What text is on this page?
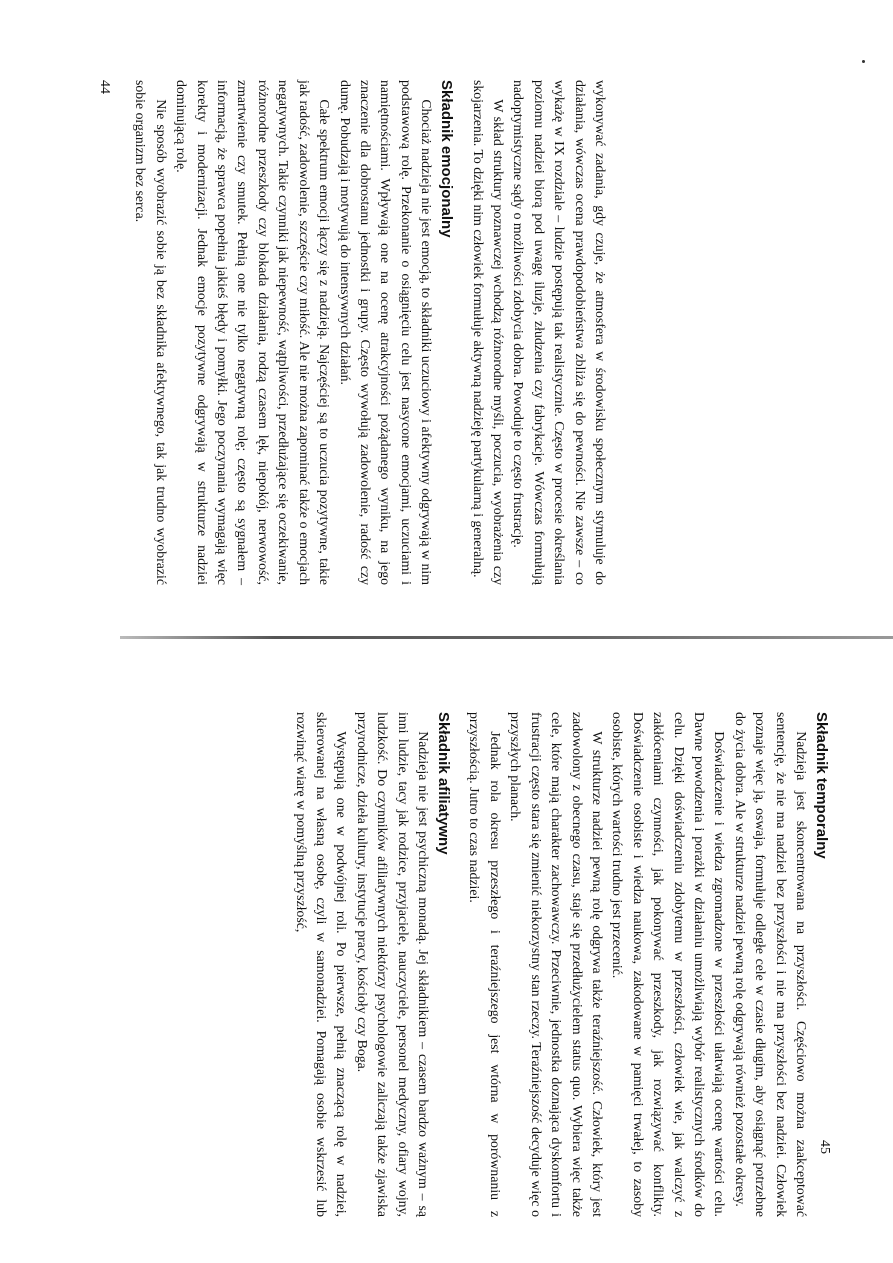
wykonywać zadania, gdy czuje, że atmosfera w środowisku społecznym stymuluje do działania, wówczas ocena prawdopodobieństwa zbliża się do pewności. Nie zawsze – co wykażę w IX rozdziale – ludzie postępują tak realistycznie. Często w procesie określania poziomu nadziei biorą pod uwagę iluzje, złudzenia czy fabrykacje. Wówczas formułują nadoptymistyczne sądy o możliwości zdobycia dobra. Powoduje to często frustrację.

W skład struktury poznawczej wchodzą różnorodne myśli, poczucia, wyobrażenia czy skojarzenia. To dzięki nim człowiek formułuje aktywną nadzieję partykularną i generalną.

Składnik emocjonalny

Chociaż nadzieja nie jest emocją, to składniki uczuciowy i afektywny odgrywają w nim podstawową rolę. Przekonanie o osiągnięciu celu jest nasycone emocjami, uczuciami i namiętnościami. Wpływają one na ocenę atrakcyjności pożądanego wyniku, na jego znaczenie dla dobrostanu jednostki i grupy. Często wywołują zadowolenie, radość czy dumę. Pobudzają i motywują do intensywnych działań.

Całe spektrum emocji łączy się z nadzieją. Najczęściej są to uczucia pozytywne, takie jak radość, zadowolenie, szczęście czy miłość. Ale nie można zapominać także o emocjach negatywnych. Takie czynniki jak niepewność, wątpliwości, przedłużające się oczekiwanie, różnorodne przeszkody czy blokada działania, rodzą czasem lęk, niepokój, nerwowość, zmartwienie czy smutek. Pełnią one nie tylko negatywną rolę; często są sygnałem – informacją, że sprawca popełnia jakieś błędy i pomyłki. Jego poczynania wymagają więc korekty i modernizacji. Jednak emocje pozytywne odgrywają w strukturze nadziei dominującą rolę.

Nie sposób wyobrazić sobie ją bez składnika afektywnego, tak jak trudno wyobrazić sobie organizm bez serca.

44
Składnik temporalny

Nadzieja jest skoncentrowana na przyszłości. Częściowo można zaakceptować sentencję, że nie ma nadziei bez przyszłości i nie ma przyszłości bez nadziei. Człowiek poznaje więc ją, oswaja, formułuje odległe cele w czasie długim, aby osiągnąć potrzebne do życia dobra. Ale w strukturze nadziei pewną rolę odgrywają również pozostałe okresy.

Doświadczenie i wiedza zgromadzone w przeszłości ułatwiają ocenę wartości celu. Dawne powodzenia i porażki w działaniu umożliwiają wybór realistycznych środków do celu. Dzięki doświadczeniu zdobytemu w przeszłości, człowiek wie, jak walczyć z zakłóceniami czynności, jak pokonywać przeszkody, jak rozwiązywać konflikty. Doświadczenie osobiste i wiedza naukowa, zakodowane w pamięci trwałej, to zasoby osobiste, których wartości trudno jest przecenić.

W strukturze nadziei pewną rolę odgrywa także teraźniejszość. Człowiek, który jest zadowolony z obecnego czasu, staje się przedłużycielem status quo. Wybiera więc także cele, które mają charakter zachowawczy. Przeciwnie, jednostka doznająca dyskomfortu i frustracji często stara się zmienić niekorzystny stan rzeczy. Teraźniejszość decyduje więc o przyszłych planach.

Jednak rola okresu przeszłego i teraźniejszego jest wtórna w porównaniu z przyszłością. Jutro to czas nadziei.

Składnik afiliatywny

Nadzieja nie jest psychiczną monadą. Jej składnikiem – czasem bardzo ważnym – są inni ludzie, tacy jak rodzice, przyjaciele, nauczyciele, personel medyczny, ofiary wojny, ludzkość. Do czynników afiliatywnych niektórzy psychologowie zaliczają także zjawiska przyrodnicze, dzieła kultury, instytucje pracy, kościoły czy Boga.

Występują one w podwójnej roli. Po pierwsze, pełnią znaczącą rolę w nadziei, skierowanej na własną osobę, czyli w samonadziei. Pomagają osobie wskrzesić lub rozwinąć wiarę w pomyślną przyszłość,

45
